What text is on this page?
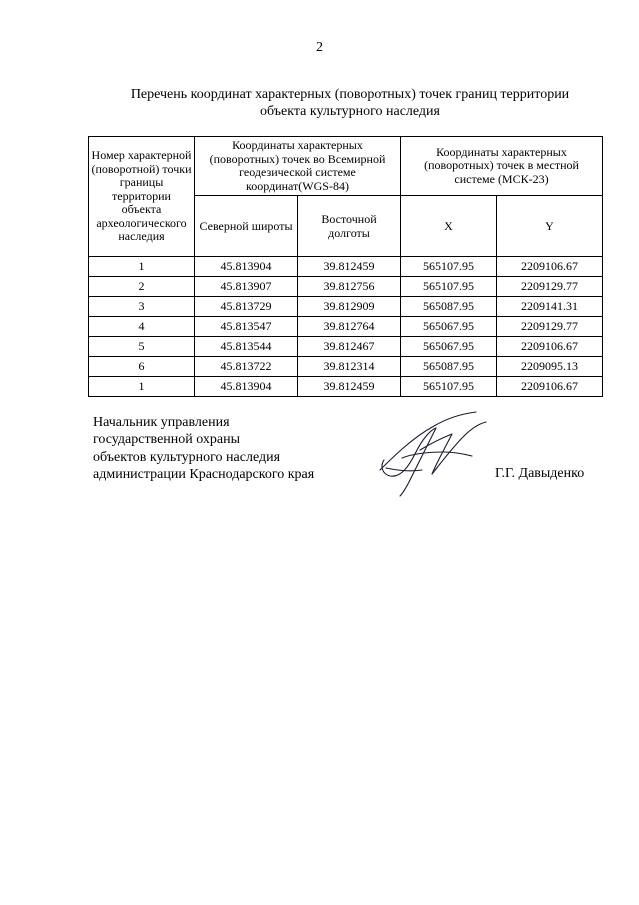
2
Перечень координат характерных (поворотных) точек границ территории
объекта культурного наследия
Номер характерной (поворотной) точки границы территории объекта археологического наследия	Координаты характерных (поворотных) точек во Всемирной геодезической системе координат(WGS-84)		Координаты характерных (поворотных) точек в местной системе (МСК-23)	
	Северной широты	Восточной долготы	X	Y
1	45.813904	39.812459	565107.95	2209106.67
2	45.813907	39.812756	565107.95	2209129.77
3	45.813729	39.812909	565087.95	2209141.31
4	45.813547	39.812764	565067.95	2209129.77
5	45.813544	39.812467	565067.95	2209106.67
6	45.813722	39.812314	565087.95	2209095.13
1	45.813904	39.812459	565107.95	2209106.67
Начальник управления
государственной охраны
объектов культурного наследия
администрации Краснодарского края	Г.Г. Давыденко
